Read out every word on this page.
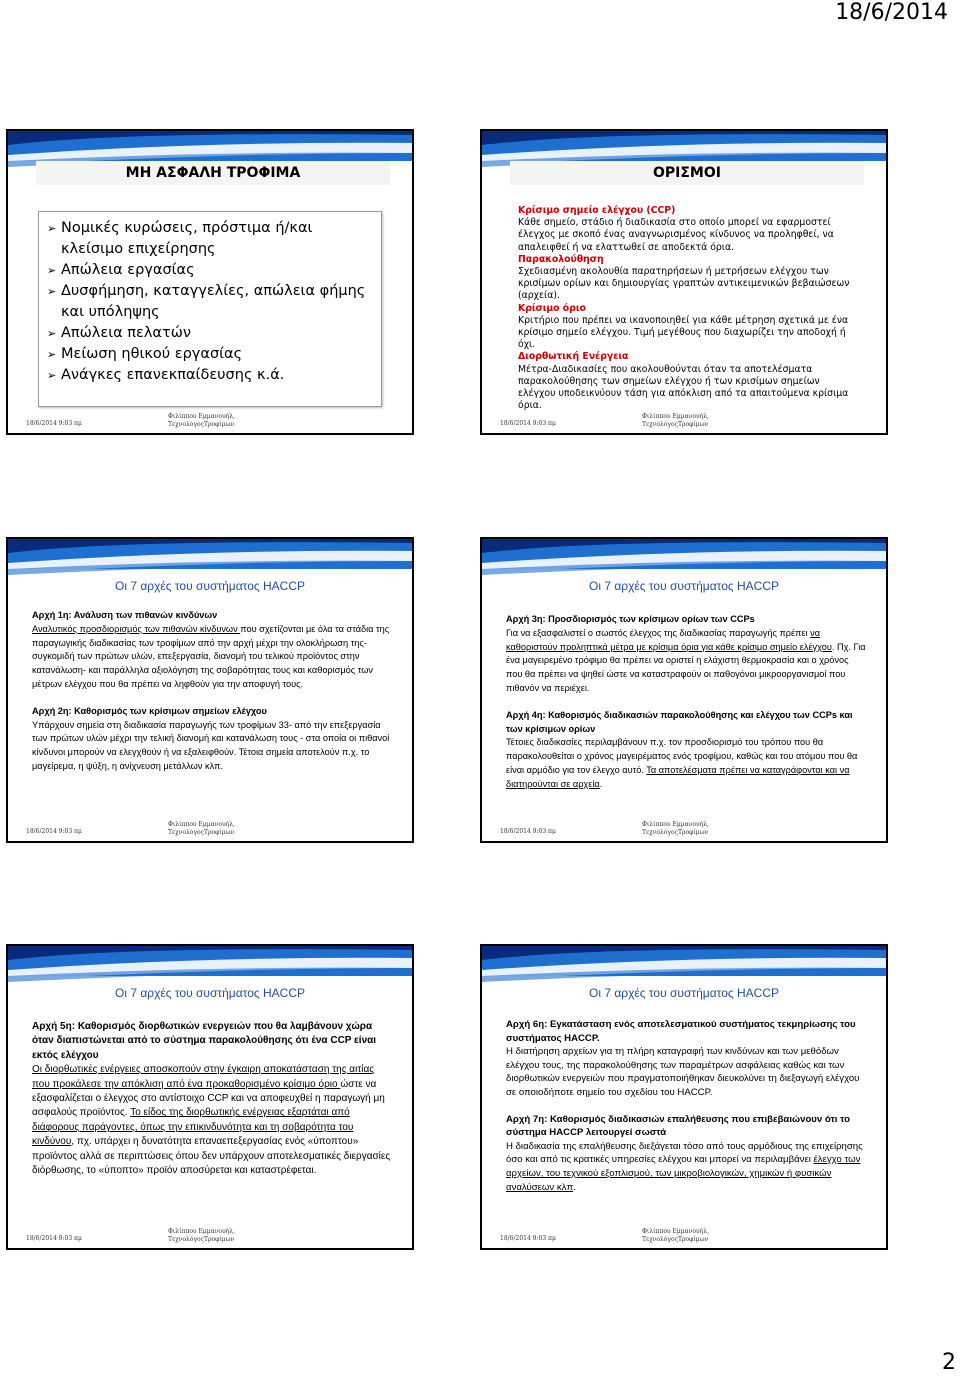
18/6/2014
ΜΗ ΑΣΦΑΛΗ ΤΡΟΦΙΜΑ
➢ Νομικές κυρώσεις, πρόστιμα ή/και κλείσιμο επιχείρησης
➢ Απώλεια εργασίας
➢ Δυσφήμηση, καταγγελίες, απώλεια φήμης και υπόληψης
➢ Απώλεια πελατών
➢ Μείωση ηθικού εργασίας
➢ Ανάγκες επανεκπαίδευσης κ.ά.
18/6/2014 9:03 πμ
Φιλίππου Εμμανουήλ,
ΤεχνολόγοςΤροφίμων
ΟΡΙΣΜΟΙ
Κρίσιμο σημείο ελέγχου (CCP)
Κάθε σημείο, στάδιο ή διαδικασία στο οποίο μπορεί να εφαρμοστεί έλεγχος με σκοπό ένας αναγνωρισμένος κίνδυνος να προληφθεί, να απαλειφθεί ή να ελαττωθεί σε αποδεκτά όρια.
Παρακολούθηση
Σχεδιασμένη ακολουθία παρατηρήσεων ή μετρήσεων ελέγχου των κρισίμων ορίων και δημιουργίας γραπτών αντικειμενικών βεβαιώσεων (αρχεία).
Κρίσιμο όριο
Κριτήριο που πρέπει να ικανοποιηθεί για κάθε μέτρηση σχετικά με ένα κρίσιμο σημείο ελέγχου. Τιμή μεγέθους που διαχωρίζει την αποδοχή ή όχι.
Διορθωτική Ενέργεια
Μέτρα-Διαδικασίες που ακολουθούνται όταν τα αποτελέσματα παρακολούθησης των σημείων ελέγχου ή των κρισίμων σημείων ελέγχου υποδεικνύουν τάση για απόκλιση από τα απαιτούμενα κρίσιμα όρια.
18/6/2014 9:03 πμ
Φιλίππου Εμμανουήλ,
ΤεχνολόγοςΤροφίμων
Οι 7 αρχές του συστήματος HACCP

Αρχή 1η: Ανάλυση των πιθανών κινδύνων
Αναλυτικός προσδιορισμός των πιθανών κίνδυνων που σχετίζονται με όλα τα στάδια της παραγωγικής διαδικασίας των τροφίμων από την αρχή μέχρι την ολοκλήρωση της- συγκομιδή των πρώτων υλών, επεξεργασία, διανομή του τελικού προϊόντος στην κατανάλωση- και παράλληλα αξιολόγηση της σοβαρότητας τους και καθορισμός των μέτρων ελέγχου που θα πρέπει να ληφθούν για την αποφυγή τους.

Αρχή 2η: Καθορισμός των κρίσιμων σημείων ελέγχου
Υπάρχουν σημεία στη διαδικασία παραγωγής των τροφίμων 33- από την επεξεργασία των πρώτων υλών μέχρι την τελική διανομή και κατανάλωση τους - στα οποία οι πιθανοί κίνδυνοι μπορούν να ελεγχθούν ή να εξαλειφθούν. Τέτοια σημεία αποτελούν π.χ. το μαγείρεμα, η ψύξη, η ανίχνευση μετάλλων κλπ.

18/6/2014 9:03 πμ
Φιλίππου Εμμανουήλ,
ΤεχνολόγοςΤροφίμων
Οι 7 αρχές του συστήματος HACCP

Αρχή 3η: Προσδιορισμός των κρίσιμων ορίων των CCPs
Για να εξασφαλιστεί ο σωστός έλεγχος της διαδικασίας παραγωγής πρέπει να καθοριστούν προληπτικά μέτρα με κρίσιμα όρια για κάθε κρίσιμο σημείο ελέγχου. Πχ. Για ένα μαγειρεμένο τρόφιμο θα πρέπει να οριστεί η ελάχιστη θερμοκρασία και ο χρόνος που θα πρέπει να ψηθεί ώστε να καταστραφούν οι παθογόνοι μικροοργανισμοί που πιθανόν να περιέχει.

Αρχή 4η: Καθορισμός διαδικασιών παρακολούθησης και ελέγχου των CCPs και των κρίσιμων ορίων
Τέτοιες διαδικασίες περιλαμβάνουν π.χ. τον προσδιορισμό του τρόπου που θα παρακολουθείται ο χρόνος μαγειρέματος ενός τροφίμου, καθώς και του ατόμου που θα είναι αρμόδιο για τον έλεγχο αυτό. Τα αποτελέσματα πρέπει να καταγράφονται και να διατηρούνται σε αρχεία.

18/6/2014 9:03 πμ
Φιλίππου Εμμανουήλ,
ΤεχνολόγοςΤροφίμων
Οι 7 αρχές του συστήματος HACCP

Αρχή 5η: Καθορισμός διορθωτικών ενεργειών που θα λαμβάνουν χώρα όταν διαπιστώνεται από το σύστημα παρακολούθησης ότι ένα CCP είναι εκτός ελέγχου
Οι διορθωτικές ενέργειες αποσκοπούν στην έγκαιρη αποκατάσταση της αιτίας που προκάλεσε την απόκλιση από ένα προκαθορισμένο κρίσιμο όριο ώστε να εξασφαλίζεται ο έλεγχος στο αντίστοιχο CCP και να αποφευχθεί η παραγωγή μη ασφαλούς προϊόντος. Το είδος της διορθωτικής ενέργειας εξαρτάται από διάφορους παράγοντες, όπως την επικινδυνότητα και τη σοβαρότητα του κινδύνου, πχ. υπάρχει η δυνατότητα επαναεπεξεργασίας ενός «ύποπτου» προϊόντος αλλά σε περιπτώσεις όπου δεν υπάρχουν αποτελεσματικές διεργασίες διόρθωσης, το «ύποπτο» προϊόν αποσύρεται και καταστρέφεται.

18/6/2014 9:03 πμ
Φιλίππου Εμμανουήλ,
ΤεχνολόγοςΤροφίμων
Οι 7 αρχές του συστήματος HACCP

Αρχή 6η: Εγκατάσταση ενός αποτελεσματικού συστήματος τεκμηρίωσης του συστήματος HACCP.
Η διατήρηση αρχείων για τη πλήρη καταγραφή των κινδύνων και των μεθόδων ελέγχου τους, της παρακολούθησης των παραμέτρων ασφάλειας καθώς και των διορθωτικών ενεργειών που πραγματοποιήθηκαν διευκολύνει τη διεξαγωγή ελέγχου σε οποιοδήποτε σημείο του σχεδίου του HACCP.

Αρχή 7η: Καθορισμός διαδικασιών επαλήθευσης που επιβεβαιώνουν ότι το σύστημα HACCP λειτουργεί σωστά
Η διαδικασία της επαλήθευσης διεξάγεται τόσο από τους αρμόδιους της επιχείρησης όσο και από τις κρατικές υπηρεσίες ελέγχου και μπορεί να περιλαμβάνει έλεγχο των αρχείων, του τεχνικού εξοπλισμού, των μικροβιολογικών, χημικών ή φυσικών αναλύσεων κλπ.

18/6/2014 9:03 πμ
Φιλίππου Εμμανουήλ,
ΤεχνολόγοςΤροφίμων
2
